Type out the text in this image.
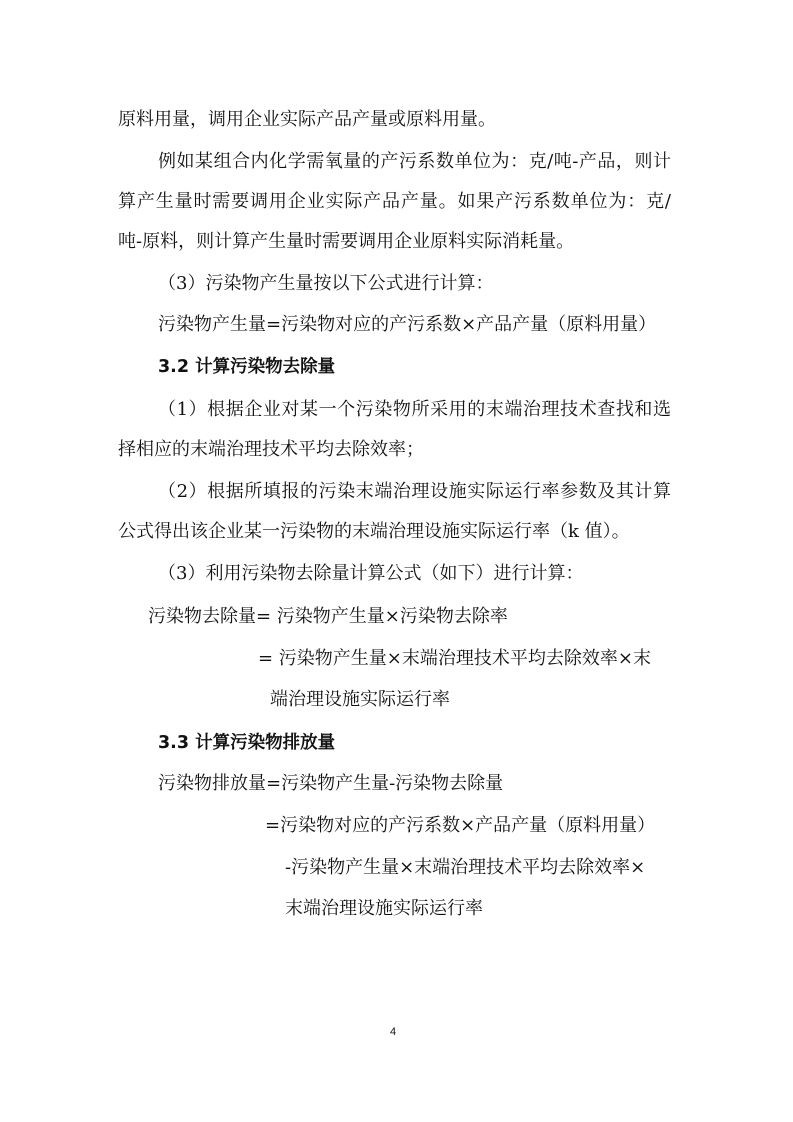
原料用量，调用企业实际产品产量或原料用量。
例如某组合内化学需氧量的产污系数单位为：克/吨-产品，则计
算产生量时需要调用企业实际产品产量。如果产污系数单位为：克/
吨-原料，则计算产生量时需要调用企业原料实际消耗量。
（3）污染物产生量按以下公式进行计算：
污染物产生量=污染物对应的产污系数×产品产量（原料用量）
3.2 计算污染物去除量
（1）根据企业对某一个污染物所采用的末端治理技术查找和选
择相应的末端治理技术平均去除效率；
（2）根据所填报的污染末端治理设施实际运行率参数及其计算
公式得出该企业某一污染物的末端治理设施实际运行率（k 值）。
（3）利用污染物去除量计算公式（如下）进行计算：
污染物去除量= 污染物产生量×污染物去除率
= 污染物产生量×末端治理技术平均去除效率×末
端治理设施实际运行率
3.3 计算污染物排放量
污染物排放量=污染物产生量-污染物去除量
=污染物对应的产污系数×产品产量（原料用量）
-污染物产生量×末端治理技术平均去除效率×
末端治理设施实际运行率
4
